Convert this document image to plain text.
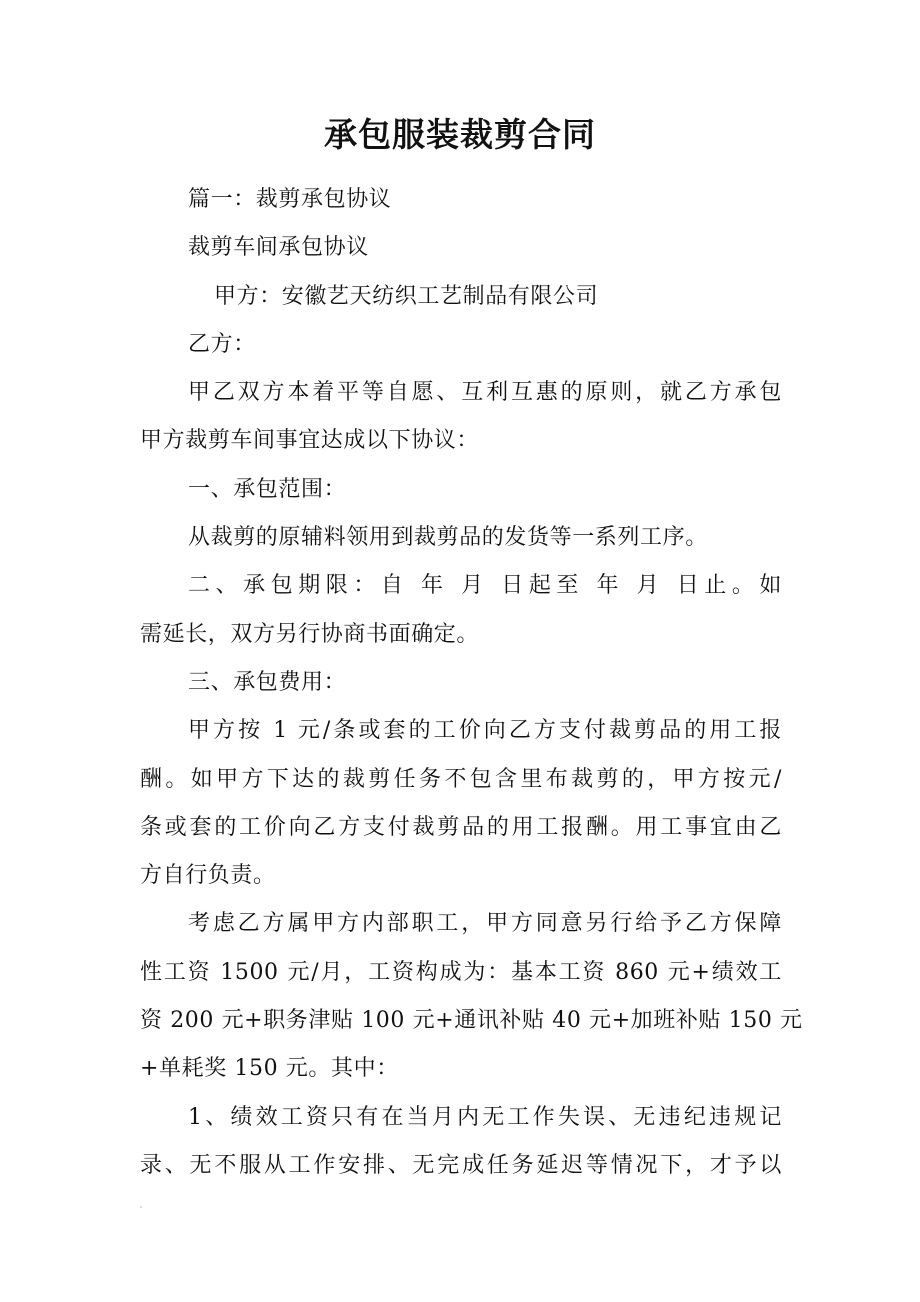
承包服装裁剪合同
篇一：裁剪承包协议
裁剪车间承包协议
甲方：安徽艺天纺织工艺制品有限公司
乙方：
甲乙双方本着平等自愿、互利互惠的原则，就乙方承包
甲方裁剪车间事宜达成以下协议：
一、承包范围：
从裁剪的原辅料领用到裁剪品的发货等一系列工序。
二、承包期限：自 年 月 日起至 年 月 日止。如
需延长，双方另行协商书面确定。
三、承包费用：
甲方按 1 元/条或套的工价向乙方支付裁剪品的用工报
酬。如甲方下达的裁剪任务不包含里布裁剪的，甲方按元/
条或套的工价向乙方支付裁剪品的用工报酬。用工事宜由乙
方自行负责。
考虑乙方属甲方内部职工，甲方同意另行给予乙方保障
性工资 1500 元/月，工资构成为：基本工资 860 元+绩效工
资 200 元+职务津贴 100 元+通讯补贴 40 元+加班补贴 150 元
+单耗奖 150 元。其中：
1、绩效工资只有在当月内无工作失误、无违纪违规记
录、无不服从工作安排、无完成任务延迟等情况下，才予以
